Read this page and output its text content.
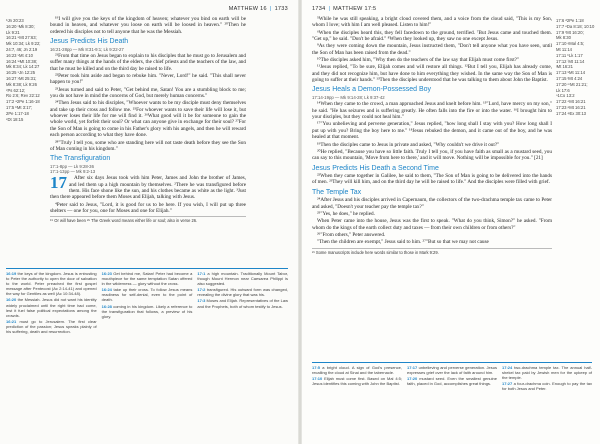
MATTHEW 16 | 1733
ᵇJn 20:23
16:20 ᵗMk 8:30;
Lk 9:21
16:21 ᵘMt 27:63;
Mk 10:34; Lk 9:22;
24:7, 46; Jn 2:19
16:23 ᵛMt 4:10
16:24 ʷMt 10:38;
Mk 8:34; Lk 14:27
16:25 ˣJn 12:25
16:27 ʸMt 25:31;
Mk 8:38; Lk 9:26
ᶻPs 62:12;
Ro 2:6; Rev 22:12
17:2 ᵃ2Pe 1:16-18
17:5 ᵇMt 3:17;
2Pe 1:17-18
ᶜDt 18:15

¹⁹I will give you the keys of the kingdom of heaven; whatever you bind on earth will be bound in heaven, and whatever you loose on earth will be loosed in heaven." ²⁰Then he ordered his disciples not to tell anyone that he was the Messiah.

Jesus Predicts His Death
16:21-28pp — Mk 8:31-9:1; Lk 9:22-27

²¹From that time on Jesus began to explain to his disciples that he must go to Jerusalem and suffer many things at the hands of the elders, the chief priests and the teachers of the law, and that he must be killed and on the third day be raised to life.

²²Peter took him aside and began to rebuke him. "Never, Lord!" he said. "This shall never happen to you!"

²³Jesus turned and said to Peter, "Get behind me, Satan! You are a stumbling block to me; you do not have in mind the concerns of God, but merely human concerns."

²⁴Then Jesus said to his disciples, "Whoever wants to be my disciple must deny themselves and take up their cross and follow me. ²⁵For whoever wants to save their life will lose it, but whoever loses their life for me will find it. ²⁶What good will it be for someone to gain the whole world, yet forfeit their soul? Or what can anyone give in exchange for their soul? ²⁷For the Son of Man is going to come in his Father's glory with his angels, and then he will reward each person according to what they have done.

²⁸"Truly I tell you, some who are standing here will not taste death before they see the Son of Man coming in his kingdom."

The Transfiguration
17:1-8pp — Lk 9:28-36
17:1-13pp — Mk 9:2-13
17	After six days Jesus took with him Peter, James and John the brother of James, and led them up a high mountain by themselves. ²There he was transfigured before them. His face shone like the sun, and his clothes became as white as the light. ³Just then there appeared before them Moses and Elijah, talking with Jesus.

⁴Peter said to Jesus, "Lord, it is good for us to be here. If you wish, I will put up three shelters — one for you, one for Moses and one for Elijah."

¹⁹ Or will have been ²⁵ The Greek word means either life or soul; also in verse 26.
16:19 the keys of the kingdom. Jesus is entrusting to Peter the authority to open the door of salvation to the world. Peter preached the first gospel message after Pentecost (Ac 2:14-41) and opened the way for Gentiles as well (Ac 10:34-48).
16:20 the Messiah. Jesus did not want his identity widely proclaimed until the right time had come, lest it fuel false political expectations among the crowds.
16:21 must go to Jerusalem. The first clear prediction of the passion; Jesus speaks plainly of his suffering, death and resurrection.
16:23 Get behind me, Satan! Peter had become a mouthpiece for the same temptation Satan offered in the wilderness — glory without the cross.
16:24 take up their cross. To follow Jesus means readiness for self-denial, even to the point of death.
16:28 coming in his kingdom. Likely a reference to the transfiguration that follows, a preview of his glory.
17:1 a high mountain. Traditionally Mount Tabor, though Mount Hermon near Caesarea Philippi is also suggested.
17:2 transfigured. His outward form was changed, revealing the divine glory that was his.
17:3 Moses and Elijah. Representatives of the Law and the Prophets, both of whom testify to Jesus.
1734 | MATTHEW 17:5
17:6 ᵈ2Pe 1:18
17:7 ᵉDa 8:18; 10:10
17:9 ᶠMt 16:20;
Mk 8:30
17:10 ᵍMal 4:5;
Mt 11:14
17:11 ʰLk 1:17
17:12 ⁱMt 11:14
ʲMt 16:21
17:13 ᵏMt 11:14
17:15 ˡMt 4:24
17:20 ᵐMt 21:21;
Lk 17:6
ⁿ1Co 13:2
17:22 ᵒMt 16:21
17:23 ᵖMt 16:21
17:24 ᵠEx 30:13

⁵While he was still speaking, a bright cloud covered them, and a voice from the cloud said, "This is my Son, whom I love; with him I am well pleased. Listen to him!"

⁶When the disciples heard this, they fell facedown to the ground, terrified. ⁷But Jesus came and touched them. "Get up," he said. "Don't be afraid." ⁸When they looked up, they saw no one except Jesus.

⁹As they were coming down the mountain, Jesus instructed them, "Don't tell anyone what you have seen, until the Son of Man has been raised from the dead."

¹⁰The disciples asked him, "Why then do the teachers of the law say that Elijah must come first?"

¹¹Jesus replied, "To be sure, Elijah comes and will restore all things. ¹²But I tell you, Elijah has already come, and they did not recognize him, but have done to him everything they wished. In the same way the Son of Man is going to suffer at their hands." ¹³Then the disciples understood that he was talking to them about John the Baptist.

Jesus Heals a Demon-Possessed Boy
17:14-19pp — Mk 9:14-28; Lk 9:37-42

¹⁴When they came to the crowd, a man approached Jesus and knelt before him. ¹⁵"Lord, have mercy on my son," he said. "He has seizures and is suffering greatly. He often falls into the fire or into the water. ¹⁶I brought him to your disciples, but they could not heal him."

¹⁷"You unbelieving and perverse generation," Jesus replied, "how long shall I stay with you? How long shall I put up with you? Bring the boy here to me." ¹⁸Jesus rebuked the demon, and it came out of the boy, and he was healed at that moment.

¹⁹Then the disciples came to Jesus in private and asked, "Why couldn't we drive it out?"

²⁰He replied, "Because you have so little faith. Truly I tell you, if you have faith as small as a mustard seed, you can say to this mountain, 'Move from here to there,' and it will move. Nothing will be impossible for you." [21]

Jesus Predicts His Death a Second Time

²²When they came together in Galilee, he said to them, "The Son of Man is going to be delivered into the hands of men. ²³They will kill him, and on the third day he will be raised to life." And the disciples were filled with grief.

The Temple Tax

²⁴After Jesus and his disciples arrived in Capernaum, the collectors of the two-drachma temple tax came to Peter and asked, "Doesn't your teacher pay the temple tax?"

²⁵"Yes, he does," he replied.

When Peter came into the house, Jesus was the first to speak. "What do you think, Simon?" he asked. "From whom do the kings of the earth collect duty and taxes — from their own children or from others?"

²⁶"From others," Peter answered.

"Then the children are exempt," Jesus said to him. ²⁷"But so that we may not cause

²¹ Some manuscripts include here words similar to those in Mark 9:29.
17:5 a bright cloud. A sign of God's presence, recalling the cloud at Sinai and the tabernacle.
17:10 Elijah must come first. Based on Mal 4:5; Jesus identifies this coming with John the Baptist.
17:17 unbelieving and perverse generation. Jesus expresses grief over the lack of faith around him.
17:20 mustard seed. Even the smallest genuine faith, placed in God, accomplishes great things.
17:24 two-drachma temple tax. The annual half-shekel tax paid by Jewish men for the upkeep of the temple.
17:27 a four-drachma coin. Enough to pay the tax for both Jesus and Peter.
